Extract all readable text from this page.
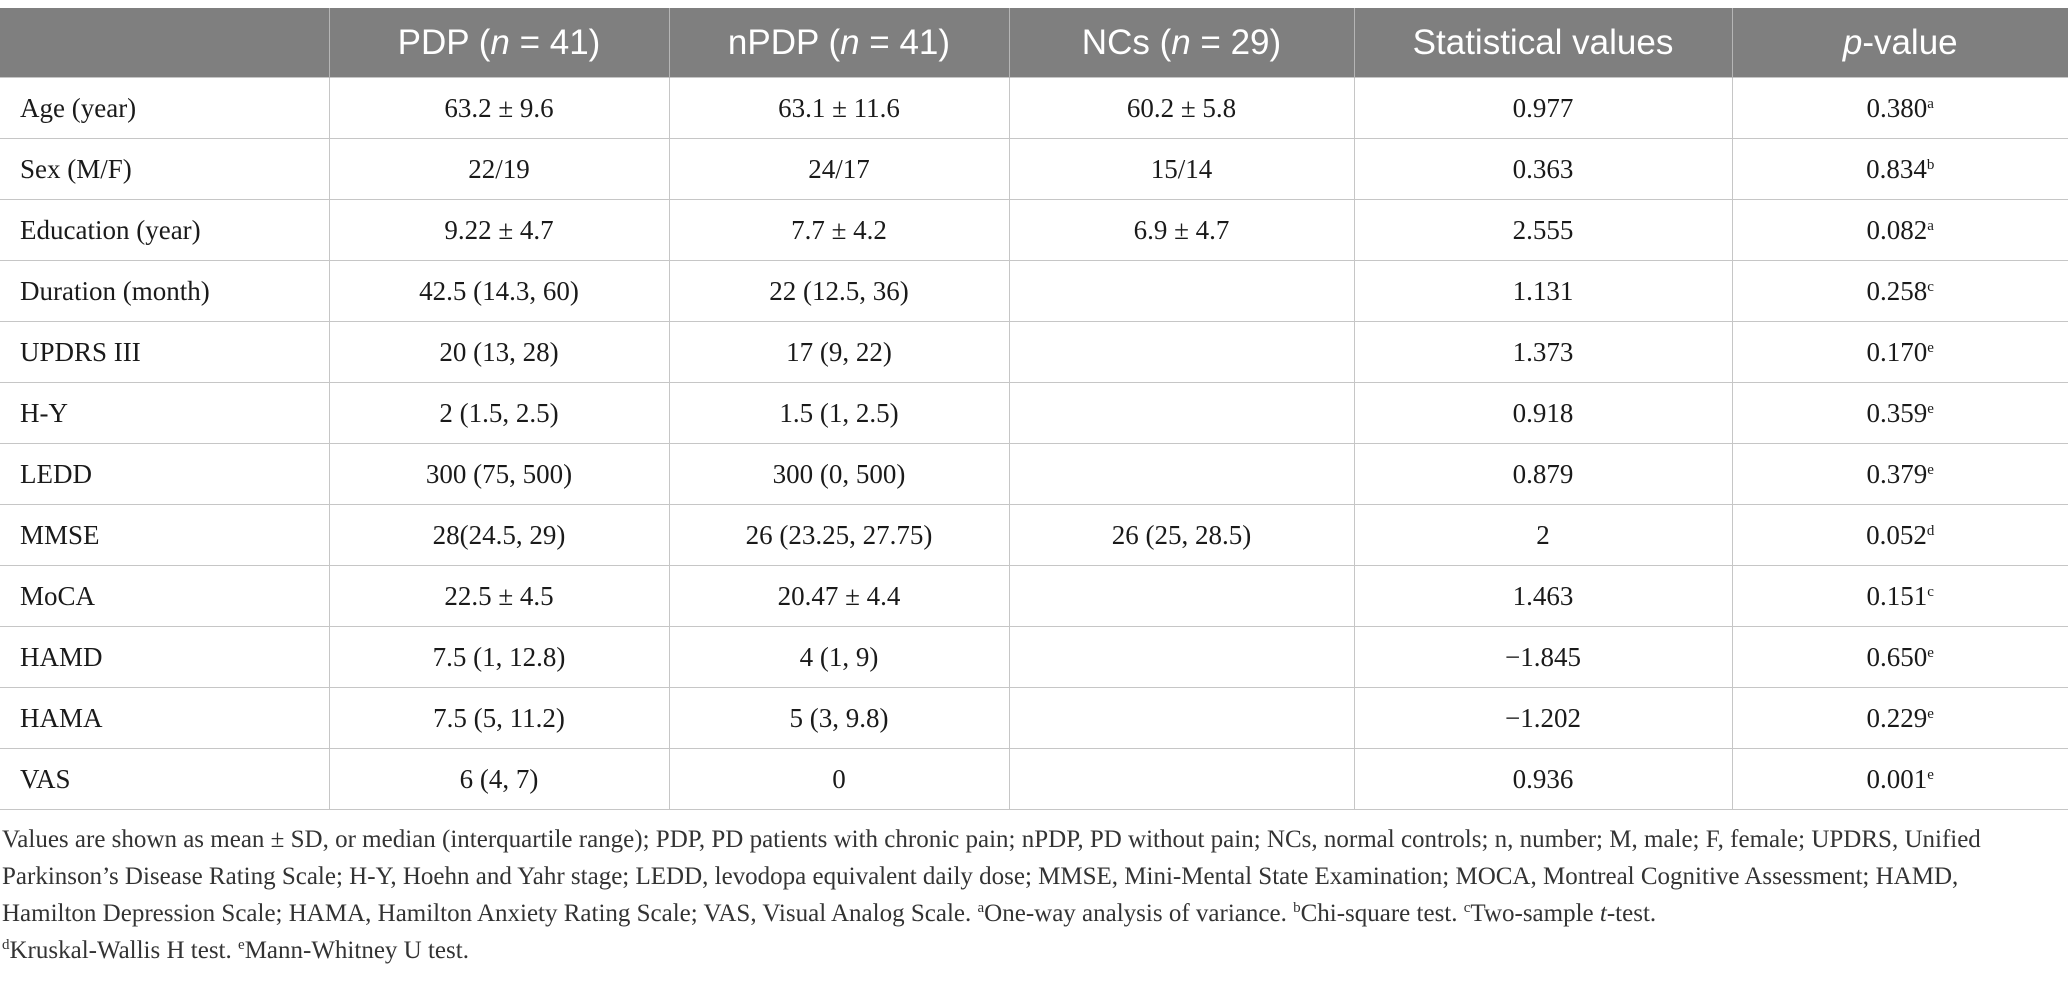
	PDP (n = 41)	nPDP (n = 41)	NCs (n = 29)	Statistical values	p-value
Age (year)	63.2 ± 9.6	63.1 ± 11.6	60.2 ± 5.8	0.977	0.380$^a$
Sex (M/F)	22/19	24/17	15/14	0.363	0.834$^b$
Education (year)	9.22 ± 4.7	7.7 ± 4.2	6.9 ± 4.7	2.555	0.082$^a$
Duration (month)	42.5 (14.3, 60)	22 (12.5, 36)		1.131	0.258$^c$
UPDRS III	20 (13, 28)	17 (9, 22)		1.373	0.170e
H-Y	2 (1.5, 2.5)	1.5 (1, 2.5)		0.918	0.359e
LEDD	300 (75, 500)	300 (0, 500)		0.879	0.379e
MMSE	28(24.5, 29)	26 (23.25, 27.75)	26 (25, 28.5)	2	0.052$^d$
MoCA	22.5 ± 4.5	20.47 ± 4.4		1.463	0.151$^c$
HAMD	7.5 (1, 12.8)	4 (1, 9)		−1.845	0.650e
HAMA	7.5 (5, 11.2)	5 (3, 9.8)		−1.202	0.229e
VAS	6 (4, 7)	0		0.936	0.001e
Values are shown as mean ± SD, or median (interquartile range); PDP, PD patients with chronic pain; nPDP, PD without pain; NCs, normal controls; n, number; M, male; F, female; UPDRS, Unified Parkinson’s Disease Rating Scale; H-Y, Hoehn and Yahr stage; LEDD, levodopa equivalent daily dose; MMSE, Mini-Mental State Examination; MOCA, Montreal Cognitive Assessment; HAMD, Hamilton Depression Scale; HAMA, Hamilton Anxiety Rating Scale; VAS, Visual Analog Scale. $^a$One-way analysis of variance. $^b$Chi-square test. $^c$Two-sample t-test.
$^d$Kruskal-Wallis H test. $^e$Mann-Whitney U test.
